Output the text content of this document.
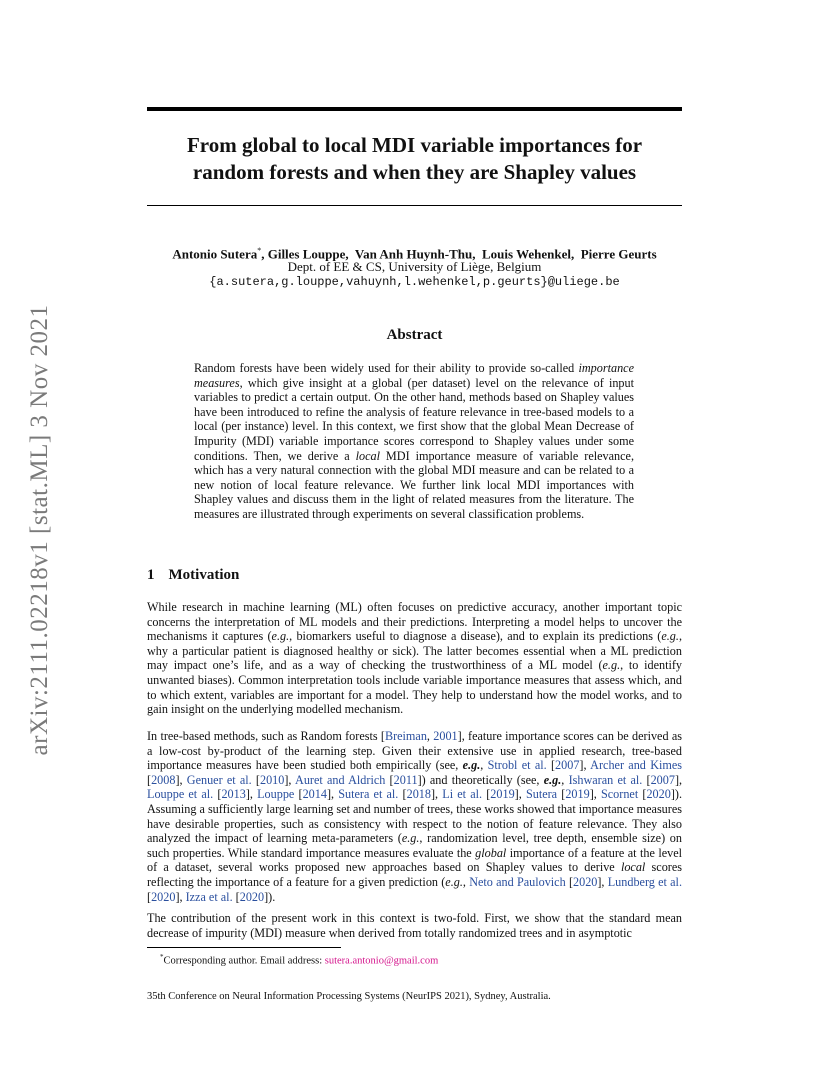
arXiv:2111.02218v1 [stat.ML] 3 Nov 2021
From global to local MDI variable importances for
random forests and when they are Shapley values
Antonio Sutera*, Gilles Louppe,  Van Anh Huynh-Thu,  Louis Wehenkel,  Pierre Geurts
Dept. of EE & CS, University of Liège, Belgium
{a.sutera,g.louppe,vahuynh,l.wehenkel,p.geurts}@uliege.be
Abstract
Random forests have been widely used for their ability to provide so-called importance measures, which give insight at a global (per dataset) level on the relevance of input variables to predict a certain output. On the other hand, methods based on Shapley values have been introduced to refine the analysis of feature relevance in tree-based models to a local (per instance) level. In this context, we first show that the global Mean Decrease of Impurity (MDI) variable importance scores correspond to Shapley values under some conditions. Then, we derive a local MDI importance measure of variable relevance, which has a very natural connection with the global MDI measure and can be related to a new notion of local feature relevance. We further link local MDI importances with Shapley values and discuss them in the light of related measures from the literature. The measures are illustrated through experiments on several classification problems.
1 Motivation
While research in machine learning (ML) often focuses on predictive accuracy, another important topic concerns the interpretation of ML models and their predictions. Interpreting a model helps to uncover the mechanisms it captures (e.g., biomarkers useful to diagnose a disease), and to explain its predictions (e.g., why a particular patient is diagnosed healthy or sick). The latter becomes essential when a ML prediction may impact one’s life, and as a way of checking the trustworthiness of a ML model (e.g., to identify unwanted biases). Common interpretation tools include variable importance measures that assess which, and to which extent, variables are important for a model. They help to understand how the model works, and to gain insight on the underlying modelled mechanism.
In tree-based methods, such as Random forests [Breiman, 2001], feature importance scores can be derived as a low-cost by-product of the learning step. Given their extensive use in applied research, tree-based importance measures have been studied both empirically (see, e.g., Strobl et al. [2007], Archer and Kimes [2008], Genuer et al. [2010], Auret and Aldrich [2011]) and theoretically (see, e.g., Ishwaran et al. [2007], Louppe et al. [2013], Louppe [2014], Sutera et al. [2018], Li et al. [2019], Sutera [2019], Scornet [2020]). Assuming a sufficiently large learning set and number of trees, these works showed that importance measures have desirable properties, such as consistency with respect to the notion of feature relevance. They also analyzed the impact of learning meta-parameters (e.g., randomization level, tree depth, ensemble size) on such properties. While standard importance measures evaluate the global importance of a feature at the level of a dataset, several works proposed new approaches based on Shapley values to derive local scores reflecting the importance of a feature for a given prediction (e.g., Neto and Paulovich [2020], Lundberg et al. [2020], Izza et al. [2020]).
The contribution of the present work in this context is two-fold. First, we show that the standard mean decrease of impurity (MDI) measure when derived from totally randomized trees and in asymptotic
*Corresponding author. Email address: sutera.antonio@gmail.com
35th Conference on Neural Information Processing Systems (NeurIPS 2021), Sydney, Australia.
